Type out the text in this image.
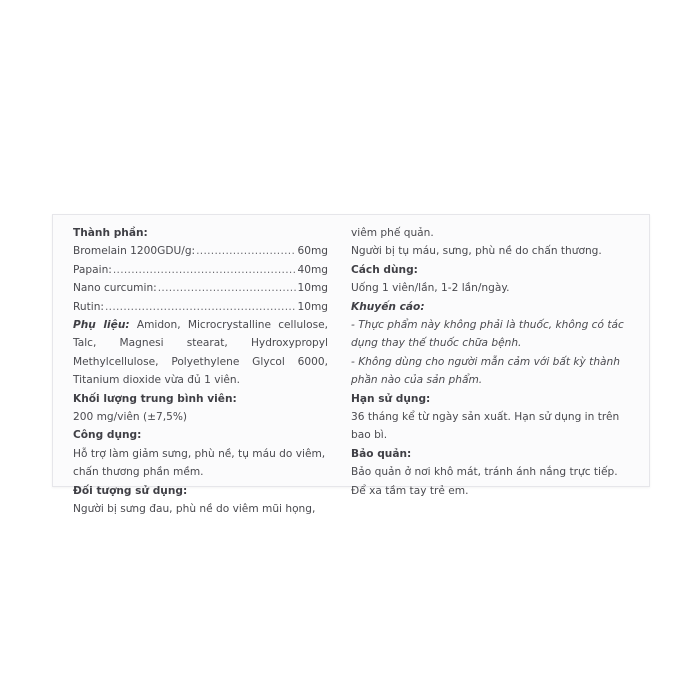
Thành phần:
Bromelain 1200GDU/g: .....	60mg
Papain: .....	40mg
Nano curcumin: .....	10mg
Rutin: .....	10mg
Phụ liệu: Amidon, Microcrystalline cellulose,
Talc, Magnesi stearat, Hydroxypropyl
Methylcellulose, Polyethylene Glycol 6000,
Titanium dioxide vừa đủ 1 viên.
Khối lượng trung bình viên:
200 mg/viên (±7,5%)
Công dụng:
Hỗ trợ làm giảm sưng, phù nề, tụ máu do viêm,
chấn thương phần mềm.
Đối tượng sử dụng:
Người bị sưng đau, phù nề do viêm mũi họng,
viêm phế quản.
Người bị tụ máu, sưng, phù nề do chấn thương.
Cách dùng:
Uống 1 viên/lần, 1-2 lần/ngày.
Khuyến cáo:
- Thực phẩm này không phải là thuốc, không có tác
dụng thay thế thuốc chữa bệnh.
- Không dùng cho người mẫn cảm với bất kỳ thành
phần nào của sản phẩm.
Hạn sử dụng:
36 tháng kể từ ngày sản xuất. Hạn sử dụng in trên
bao bì.
Bảo quản:
Bảo quản ở nơi khô mát, tránh ánh nắng trực tiếp.
Để xa tầm tay trẻ em.
